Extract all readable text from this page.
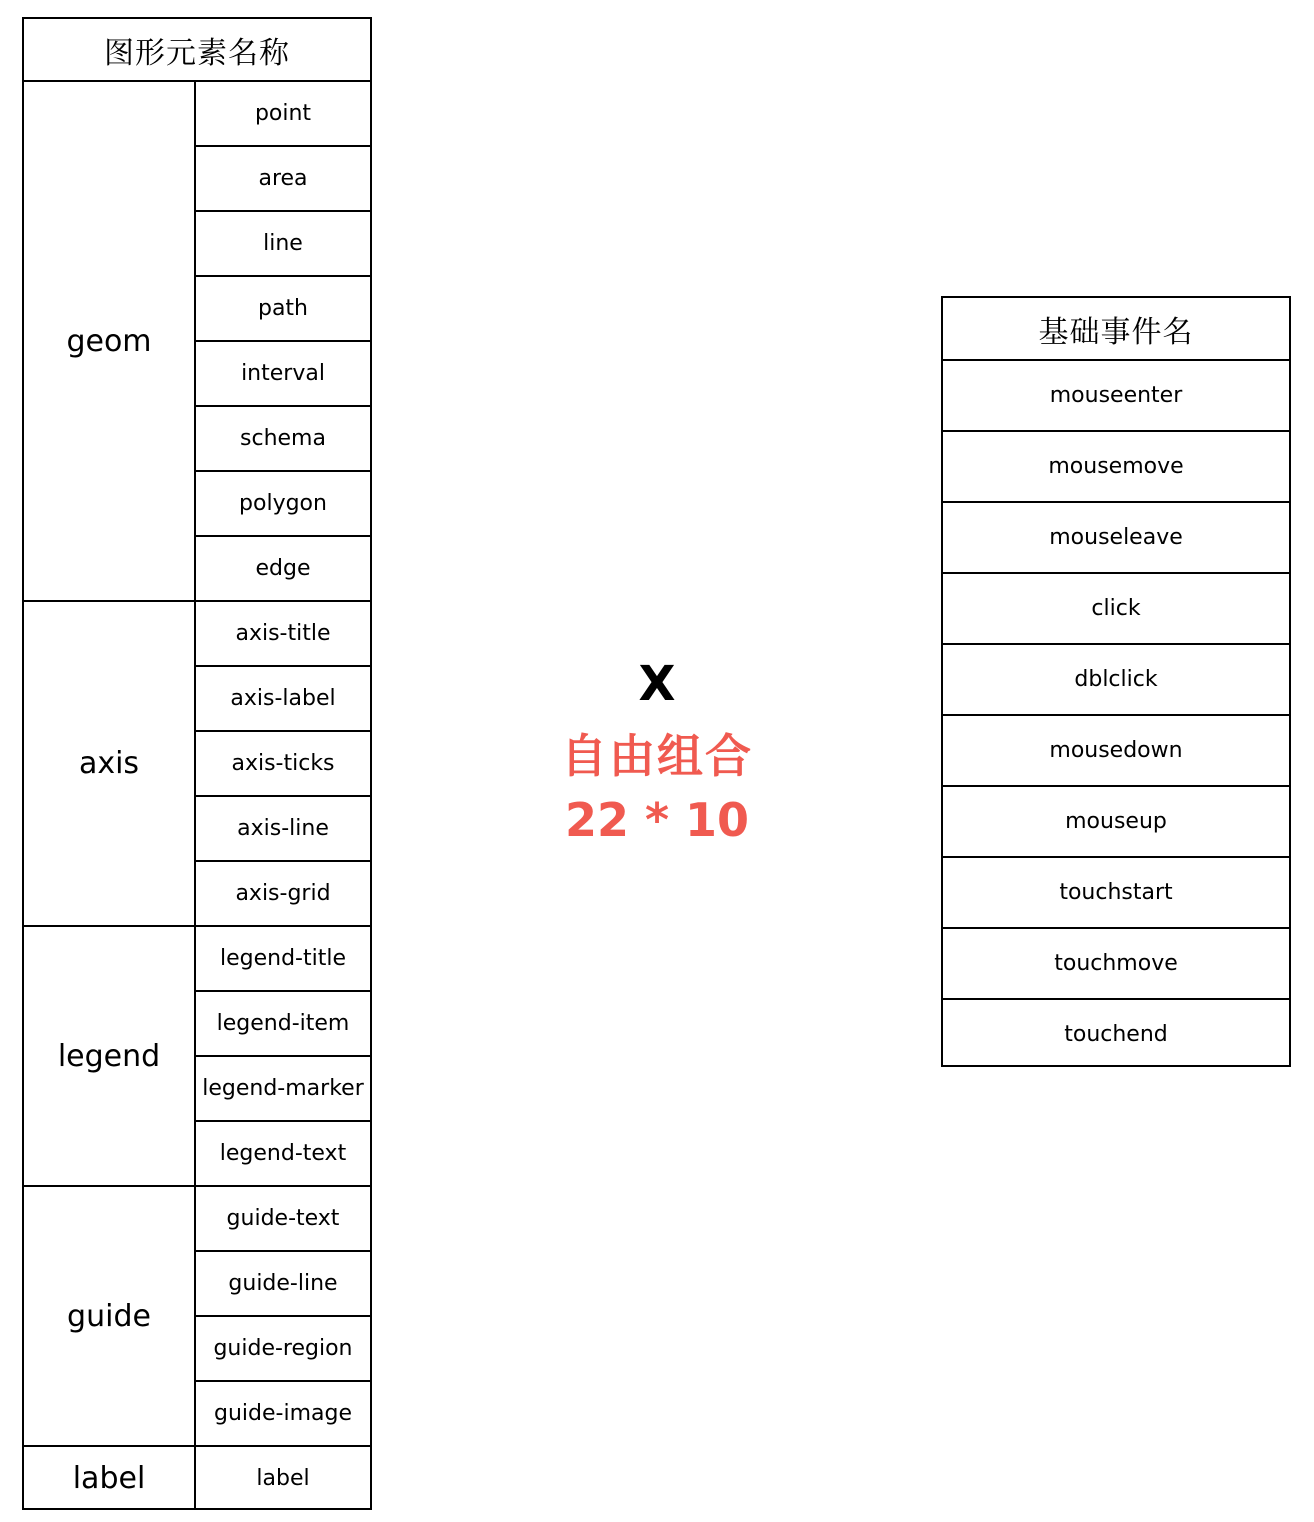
图形元素名称
geom
point
area
line
path
interval
schema
polygon
edge
axis
axis-title
axis-label
axis-ticks
axis-line
axis-grid
legend
legend-title
legend-item
legend-marker
legend-text
guide
guide-text
guide-line
guide-region
guide-image
label	label
X
自由组合
22 * 10
基础事件名
mouseenter
mousemove
mouseleave
click
dblclick
mousedown
mouseup
touchstart
touchmove
touchend
